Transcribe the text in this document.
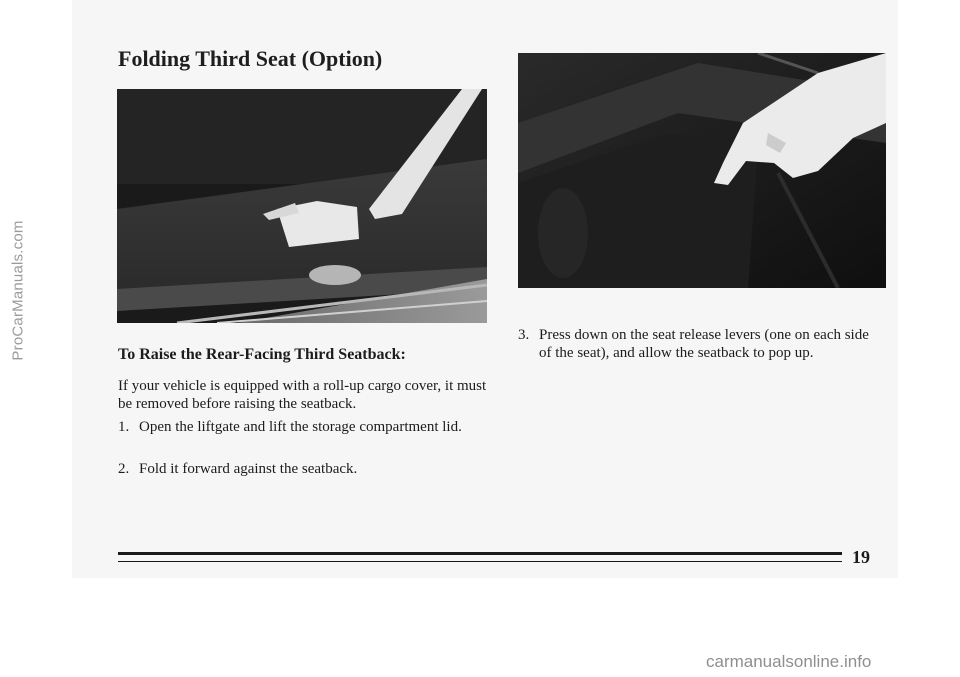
ProCarManuals.com
Folding Third Seat (Option)

To Raise the Rear-Facing Third Seatback:

If your vehicle is equipped with a roll-up cargo cover, it must be removed before raising the seatback.

1. Open the liftgate and lift the storage compartment lid.

2. Fold it forward against the seatback.

3. Press down on the seat release levers (one on each side of the seat), and allow the seatback to pop up.

19

carmanualsonline.info
